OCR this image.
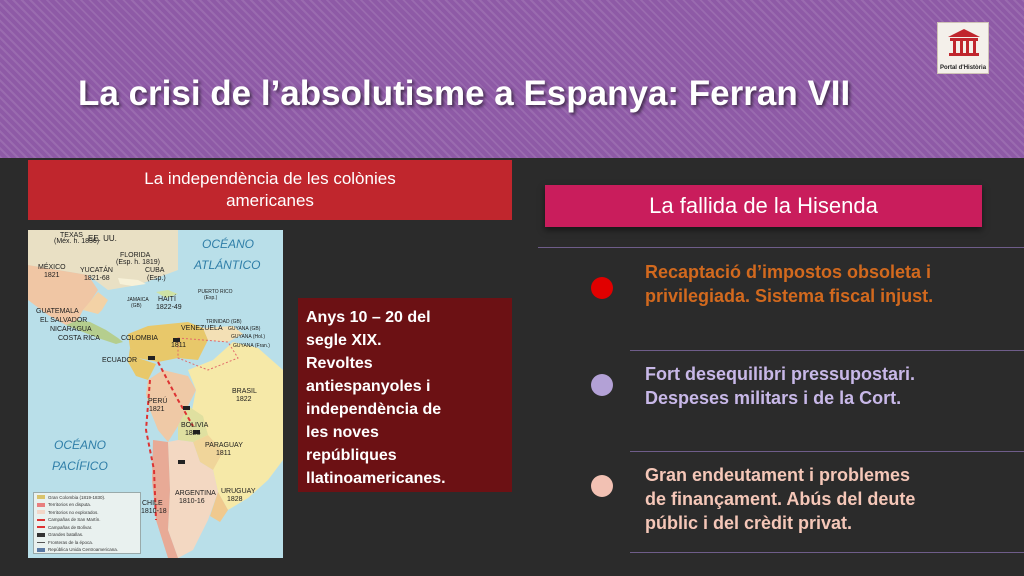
La crisi de l’absolutisme a Espanya: Ferran VII
Portal d'Història
La independència de les colònies
americanes	La fallida de la Hisenda
TEXAS
(Méx. h. 1836)
EE. UU.
FLORIDA
(Esp. h. 1819)
MÉXICO
1821
YUCATÁN
1821-68
CUBA
(Esp.)
HAITÍ
1822-49
JAMAICA
(GB)
PUERTO RICO
(Esp.)
TRINIDAD (GB)
GUATEMALA
EL SALVADOR
NICARAGUA
COSTA RICA
VENEZUELA GUYANA (GB)
GUYANA (Hol.)
GUYANA (Fran.)
COLOMBIA
1811
ECUADOR
PERÚ
1821
BRASIL
1822
BOLIVIA
1825
PARAGUAY
1811
CHILE
1810-18
ARGENTINA
1810-16
URUGUAY
1828
OCÉANO
ATLÁNTICO
OCÉANO
PACÍFICO
Gran Colombia (1819-1830).
Territorios en disputa.
Territorios no explorados.
Campañas de San Martín.
Campañas de Bolívar.
Grandes batallas.
Fronteras de la época.
República Unida Centroamericana.
Anys 10 – 20 del
segle XIX.
Revoltes
antiespanyoles i
independència de
les noves
repúbliques
llatinoamericanes.
Recaptació d’impostos obsoleta i
privilegiada. Sistema fiscal injust.
Fort desequilibri pressupostari.
Despeses militars i de la Cort.
Gran endeutament i problemes
de finançament. Abús del deute
públic i del crèdit privat.
